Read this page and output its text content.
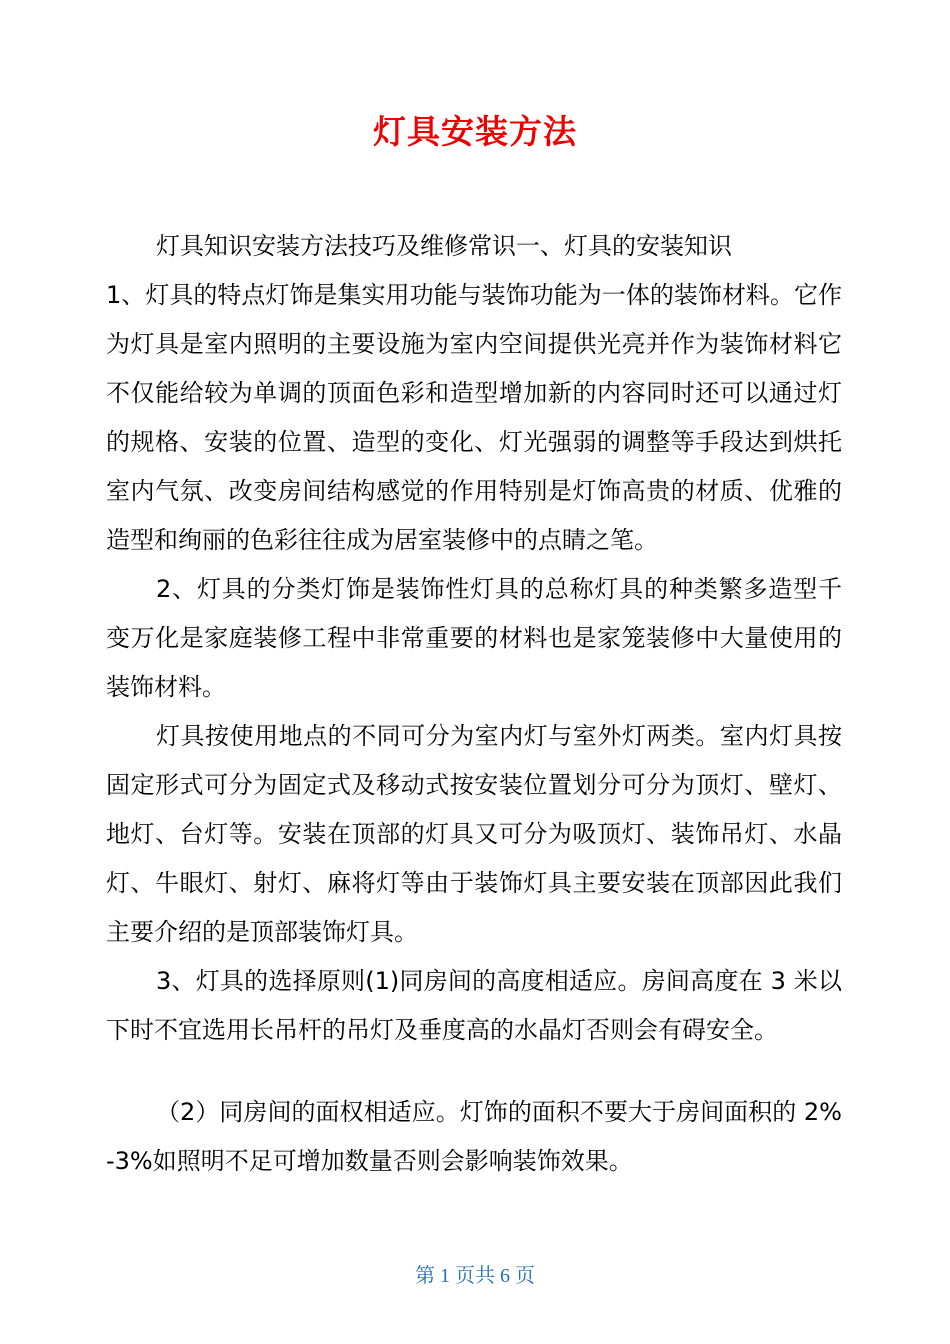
灯具安装方法

灯具知识安装方法技巧及维修常识一、灯具的安装知识

1、灯具的特点灯饰是集实用功能与装饰功能为一体的装饰材料。它作为灯具是室内照明的主要设施为室内空间提供光亮并作为装饰材料它不仅能给较为单调的顶面色彩和造型增加新的内容同时还可以通过灯的规格、安装的位置、造型的变化、灯光强弱的调整等手段达到烘托室内气氛、改变房间结构感觉的作用特别是灯饰高贵的材质、优雅的造型和绚丽的色彩往往成为居室装修中的点睛之笔。

2、灯具的分类灯饰是装饰性灯具的总称灯具的种类繁多造型千变万化是家庭装修工程中非常重要的材料也是家笼装修中大量使用的装饰材料。

灯具按使用地点的不同可分为室内灯与室外灯两类。室内灯具按固定形式可分为固定式及移动式按安装位置划分可分为顶灯、壁灯、地灯、台灯等。安装在顶部的灯具又可分为吸顶灯、装饰吊灯、水晶灯、牛眼灯、射灯、麻将灯等由于装饰灯具主要安装在顶部因此我们主要介绍的是顶部装饰灯具。

3、灯具的选择原则(1)同房间的高度相适应。房间高度在 3 米以下时不宜选用长吊杆的吊灯及垂度高的水晶灯否则会有碍安全。

（2）同房间的面权相适应。灯饰的面积不要大于房间面积的 2%-3%如照明不足可增加数量否则会影响装饰效果。

第 1 页共 6 页
